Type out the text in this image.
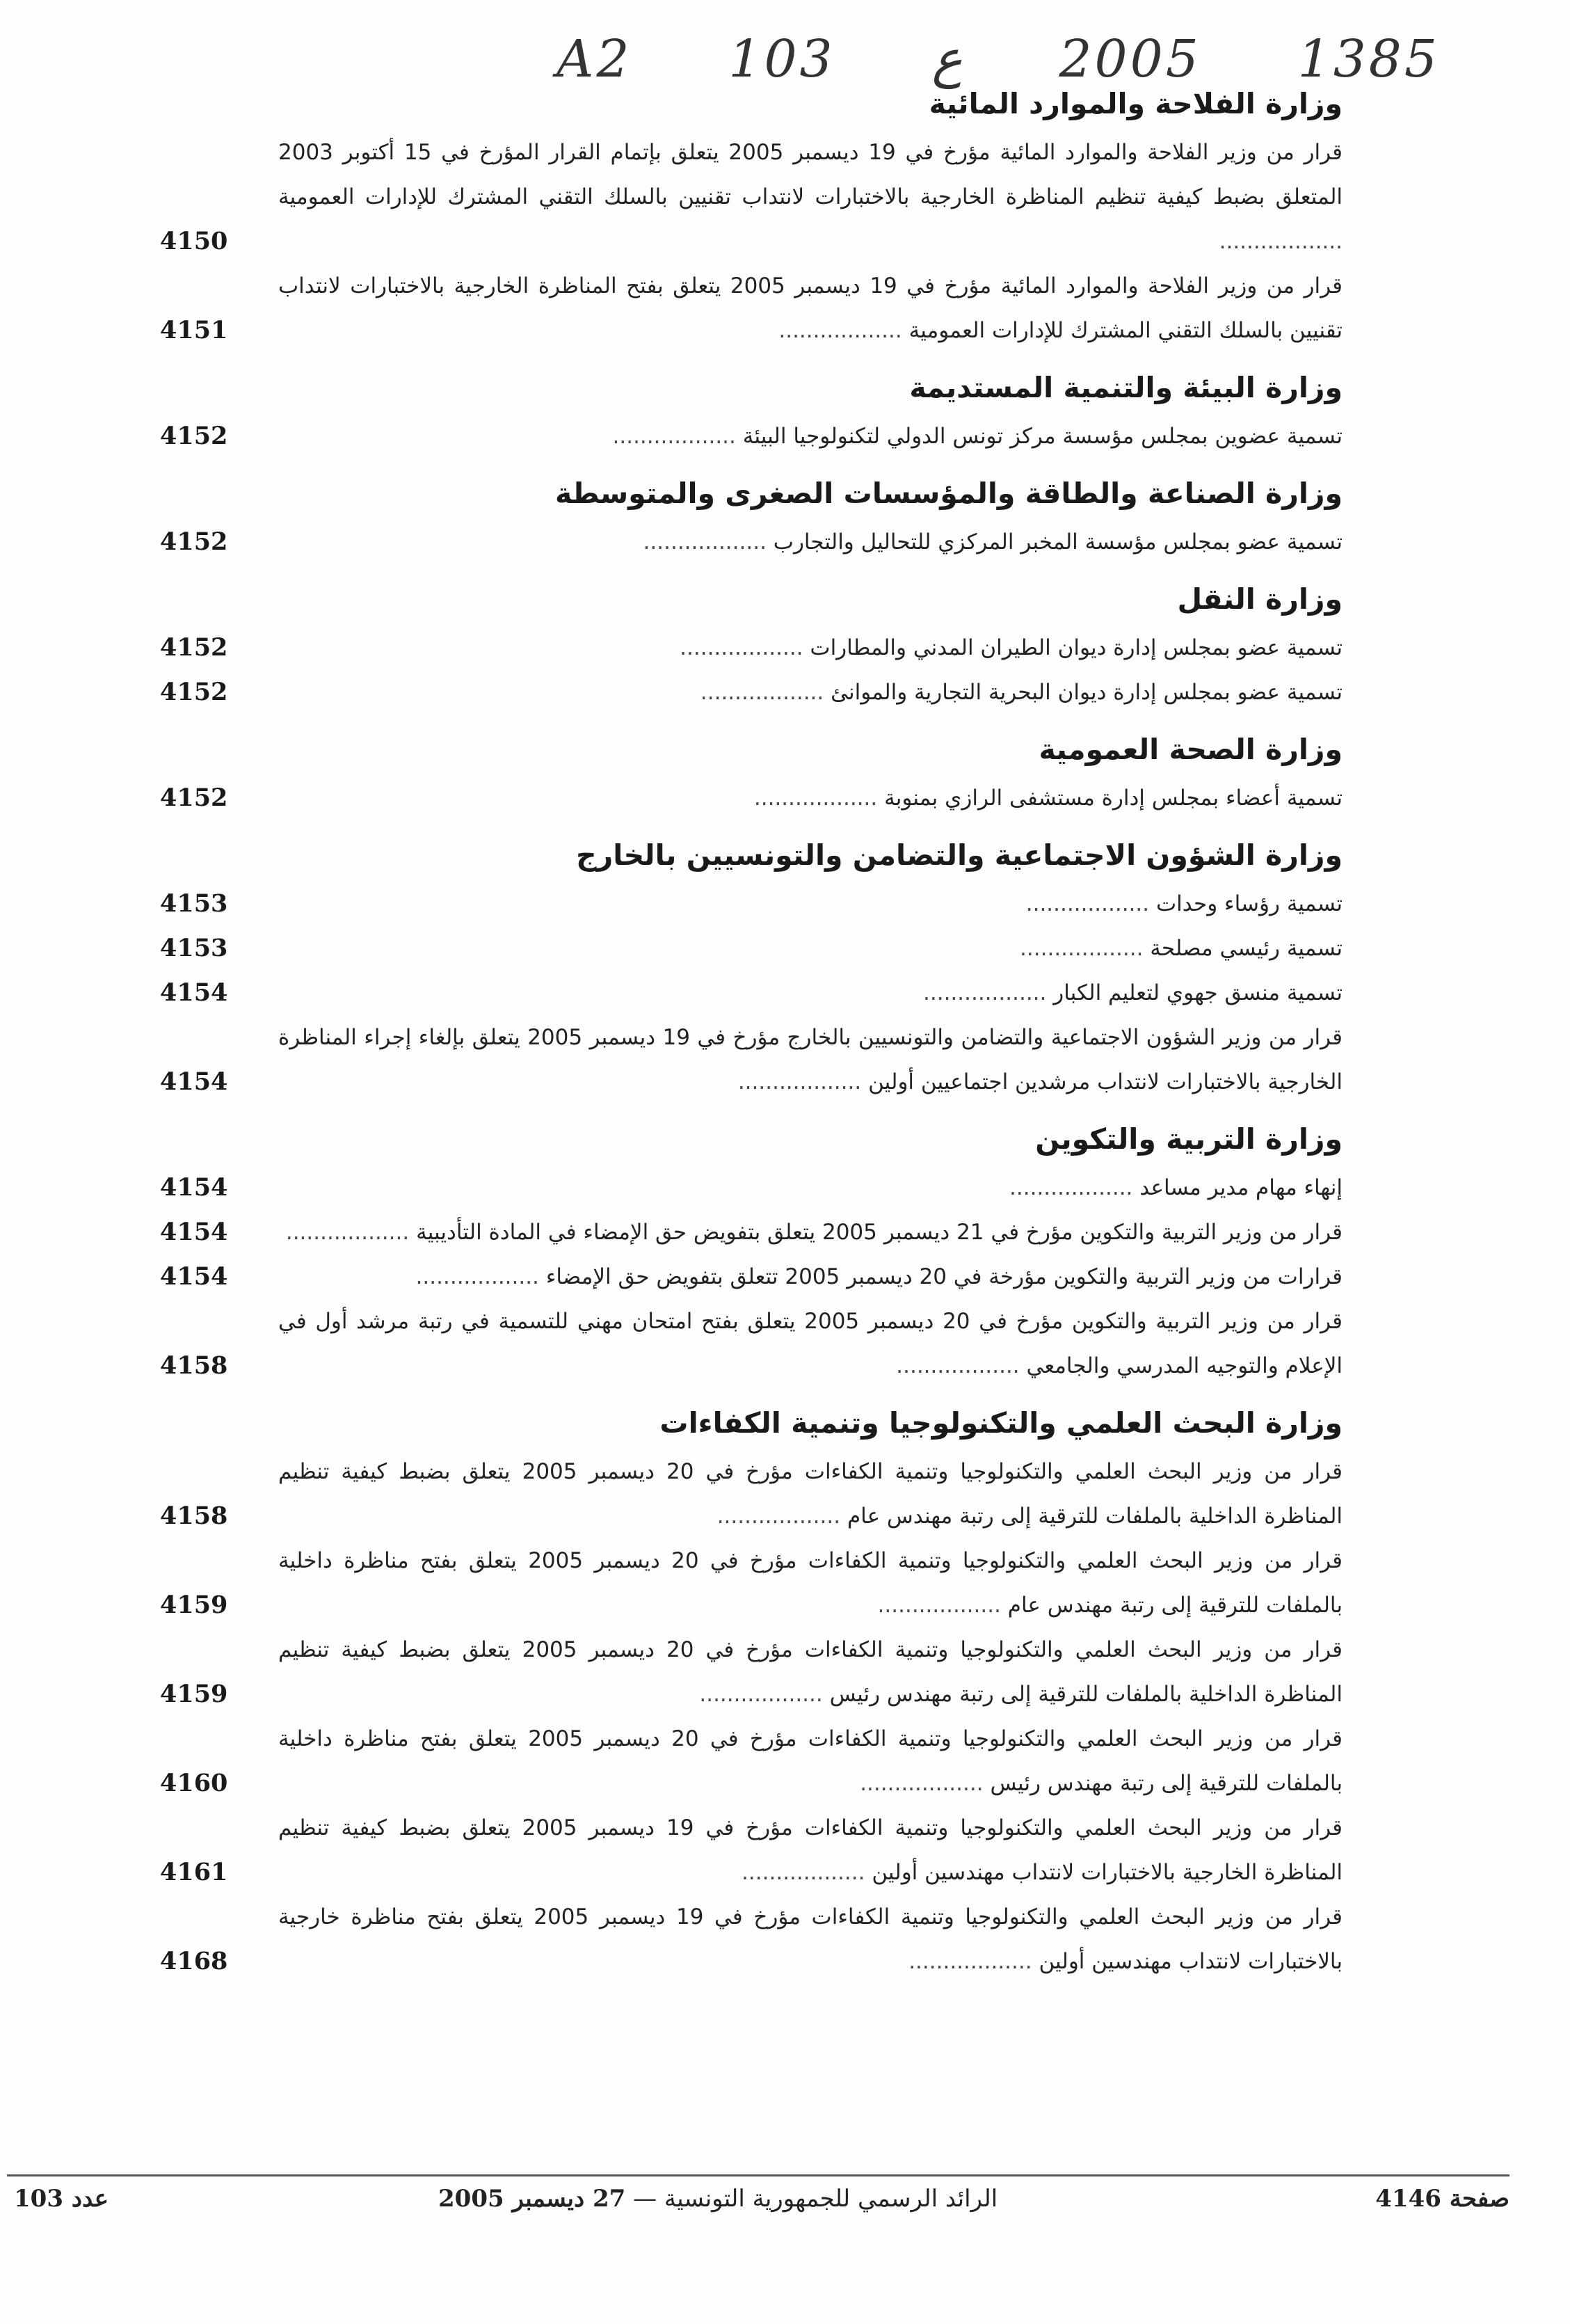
A2 103 ع 2005 1385
وزارة الفلاحة والموارد المائية
قرار من وزير الفلاحة والموارد المائية مؤرخ في 19 ديسمبر 2005 يتعلق بإتمام القرار المؤرخ في 15 أكتوبر 2003 المتعلق بضبط كيفية تنظيم المناظرة الخارجية بالاختبارات لانتداب تقنيين بالسلك التقني المشترك للإدارات العمومية ..................
4150
قرار من وزير الفلاحة والموارد المائية مؤرخ في 19 ديسمبر 2005 يتعلق بفتح المناظرة الخارجية بالاختبارات لانتداب تقنيين بالسلك التقني المشترك للإدارات العمومية ..................
4151
وزارة البيئة والتنمية المستديمة
تسمية عضوين بمجلس مؤسسة مركز تونس الدولي لتكنولوجيا البيئة ..................
4152
وزارة الصناعة والطاقة والمؤسسات الصغرى والمتوسطة
تسمية عضو بمجلس مؤسسة المخبر المركزي للتحاليل والتجارب ..................
4152
وزارة النقل
تسمية عضو بمجلس إدارة ديوان الطيران المدني والمطارات ..................
4152
تسمية عضو بمجلس إدارة ديوان البحرية التجارية والموانئ ..................
4152
وزارة الصحة العمومية
تسمية أعضاء بمجلس إدارة مستشفى الرازي بمنوبة ..................
4152
وزارة الشؤون الاجتماعية والتضامن والتونسيين بالخارج
تسمية رؤساء وحدات ..................
4153
تسمية رئيسي مصلحة ..................
4153
تسمية منسق جهوي لتعليم الكبار ..................
4154
قرار من وزير الشؤون الاجتماعية والتضامن والتونسيين بالخارج مؤرخ في 19 ديسمبر 2005 يتعلق بإلغاء إجراء المناظرة الخارجية بالاختبارات لانتداب مرشدين اجتماعيين أولين ..................
4154
وزارة التربية والتكوين
إنهاء مهام مدير مساعد ..................
4154
قرار من وزير التربية والتكوين مؤرخ في 21 ديسمبر 2005 يتعلق بتفويض حق الإمضاء في المادة التأديبية ..................
4154
قرارات من وزير التربية والتكوين مؤرخة في 20 ديسمبر 2005 تتعلق بتفويض حق الإمضاء ..................
4154
قرار من وزير التربية والتكوين مؤرخ في 20 ديسمبر 2005 يتعلق بفتح امتحان مهني للتسمية في رتبة مرشد أول في الإعلام والتوجيه المدرسي والجامعي ..................
4158
وزارة البحث العلمي والتكنولوجيا وتنمية الكفاءات
قرار من وزير البحث العلمي والتكنولوجيا وتنمية الكفاءات مؤرخ في 20 ديسمبر 2005 يتعلق بضبط كيفية تنظيم المناظرة الداخلية بالملفات للترقية إلى رتبة مهندس عام ..................
4158
قرار من وزير البحث العلمي والتكنولوجيا وتنمية الكفاءات مؤرخ في 20 ديسمبر 2005 يتعلق بفتح مناظرة داخلية بالملفات للترقية إلى رتبة مهندس عام ..................
4159
قرار من وزير البحث العلمي والتكنولوجيا وتنمية الكفاءات مؤرخ في 20 ديسمبر 2005 يتعلق بضبط كيفية تنظيم المناظرة الداخلية بالملفات للترقية إلى رتبة مهندس رئيس ..................
4159
قرار من وزير البحث العلمي والتكنولوجيا وتنمية الكفاءات مؤرخ في 20 ديسمبر 2005 يتعلق بفتح مناظرة داخلية بالملفات للترقية إلى رتبة مهندس رئيس ..................
4160
قرار من وزير البحث العلمي والتكنولوجيا وتنمية الكفاءات مؤرخ في 19 ديسمبر 2005 يتعلق بضبط كيفية تنظيم المناظرة الخارجية بالاختبارات لانتداب مهندسين أولين ..................
4161
قرار من وزير البحث العلمي والتكنولوجيا وتنمية الكفاءات مؤرخ في 19 ديسمبر 2005 يتعلق بفتح مناظرة خارجية بالاختبارات لانتداب مهندسين أولين ..................
4168
عدد 103	الرائد الرسمي للجمهورية التونسية — 27 ديسمبر 2005	صفحة 4146
